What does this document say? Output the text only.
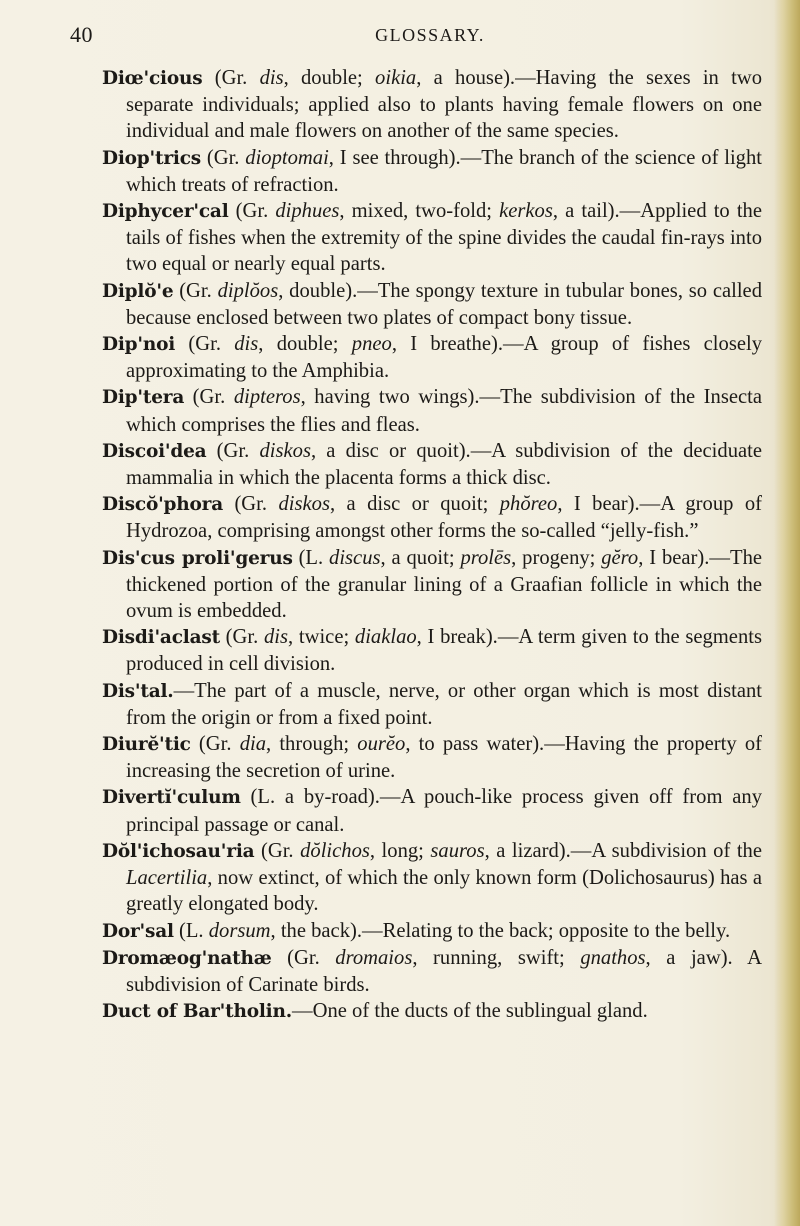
40	GLOSSARY.

Diœ'cious (Gr. dis, double; oikia, a house).—Having the sexes in two separate individuals; applied also to plants having female flowers on one individual and male flowers on another of the same species.

Diop'trics (Gr. dioptomai, I see through).—The branch of the science of light which treats of refraction.

Diphycer'cal (Gr. diphues, mixed, two-fold; kerkos, a tail).—Applied to the tails of fishes when the extremity of the spine divides the caudal fin-rays into two equal or nearly equal parts.

Diplŏ'e (Gr. diplŏos, double).—The spongy texture in tubular bones, so called because enclosed between two plates of compact bony tissue.

Dip'noi (Gr. dis, double; pneo, I breathe).—A group of fishes closely approximating to the Amphibia.

Dip'tera (Gr. dipteros, having two wings).—The subdivision of the Insecta which comprises the flies and fleas.

Discoi'dea (Gr. diskos, a disc or quoit).—A subdivision of the deciduate mammalia in which the placenta forms a thick disc.

Discŏ'phora (Gr. diskos, a disc or quoit; phŏreo, I bear).—A group of Hydrozoa, comprising amongst other forms the so-called “jelly-fish.”

Dis'cus proli'gerus (L. discus, a quoit; prolēs, progeny; gĕro, I bear).—The thickened portion of the granular lining of a Graafian follicle in which the ovum is embedded.

Disdi'aclast (Gr. dis, twice; diaklao, I break).—A term given to the segments produced in cell division.

Dis'tal.—The part of a muscle, nerve, or other organ which is most distant from the origin or from a fixed point.

Diurĕ'tic (Gr. dia, through; ourĕo, to pass water).—Having the property of increasing the secretion of urine.

Divertĭ'culum (L. a by-road).—A pouch-like process given off from any principal passage or canal.

Dŏl'ichosau'ria (Gr. dŏlichos, long; sauros, a lizard).—A subdivision of the Lacertilia, now extinct, of which the only known form (Dolichosaurus) has a greatly elongated body.

Dor'sal (L. dorsum, the back).—Relating to the back; opposite to the belly.

Dromæog'nathæ (Gr. dromaios, running, swift; gnathos, a jaw). A subdivision of Carinate birds.

Duct of Bar'tholin.—One of the ducts of the sublingual gland.
